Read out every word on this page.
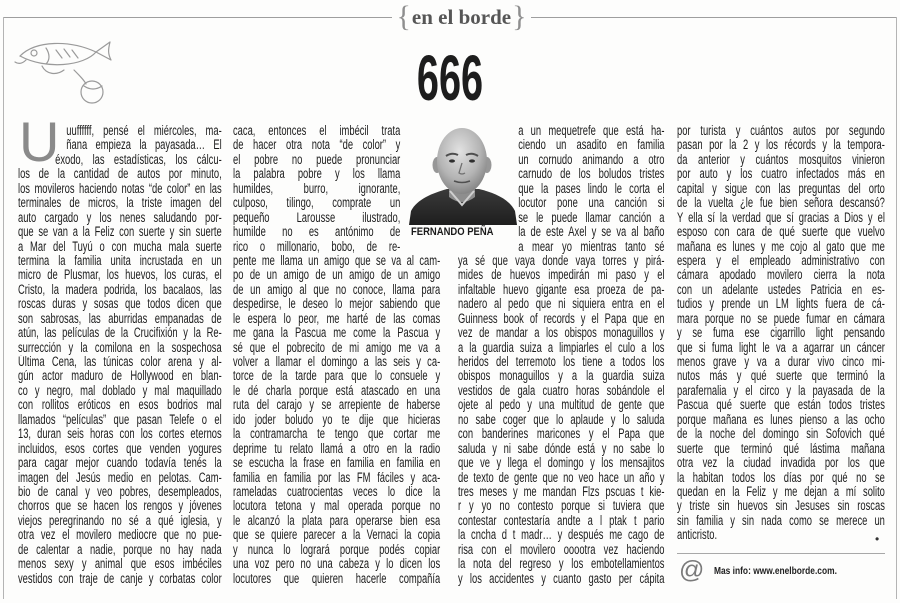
{en el borde}
666
FERNANDO PEÑA
U uuffffff, pensé el miércoles, ma-
ñana empieza la payasada… El
éxodo, las estadísticas, los cálcu-
los de la cantidad de autos por minuto,
los movileros haciendo notas “de color” en las
terminales de micros, la triste imagen del
auto cargado y los nenes saludando por-
que se van a la Feliz con suerte y sin suerte
a Mar del Tuyú o con mucha mala suerte
termina la familia unita incrustada en un
micro de Plusmar, los huevos, los curas, el
Cristo, la madera podrida, los bacalaos, las
roscas duras y sosas que todos dicen que
son sabrosas, las aburridas empanadas de
atún, las películas de la Crucifixión y la Re-
surrección y la comilona en la sospechosa
Última Cena, las túnicas color arena y al-
gún actor maduro de Hollywood en blan-
co y negro, mal doblado y mal maquillado
con rollitos eróticos en esos bodrios mal
llamados “películas” que pasan Telefe o el
13, duran seis horas con los cortes eternos
incluidos, esos cortes que venden yogures
para cagar mejor cuando todavía tenés la
imagen del Jesús medio en pelotas. Cam-
bio de canal y veo pobres, desempleados,
chorros que se hacen los rengos y jóvenes
viejos peregrinando no sé a qué iglesia, y
otra vez el movilero mediocre que no pue-
de calentar a nadie, porque no hay nada
menos sexy y animal que esos imbéciles
vestidos con traje de canje y corbatas color
caca, entonces el imbécil trata
de hacer otra nota “de color” y
el pobre no puede pronunciar
la palabra pobre y los llama
humildes, burro, ignorante,
culposo, tilingo, comprate un
pequeño Larousse ilustrado,
humilde no es antónimo de
rico o millonario, bobo, de re-
pente me llama un amigo que se va al cam-
po de un amigo de un amigo de un amigo
de un amigo al que no conoce, llama para
despedirse, le deseo lo mejor sabiendo que
le espera lo peor, me harté de las comas
me gana la Pascua me come la Pascua y
sé que el pobrecito de mi amigo me va a
volver a llamar el domingo a las seis y ca-
torce de la tarde para que lo consuele y
le dé charla porque está atascado en una
ruta del carajo y se arrepiente de haberse
ido joder boludo yo te dije que hicieras
la contramarcha te tengo que cortar me
deprime tu relato llamá a otro en la radio
se escucha la frase en familia en familia en
familia en familia por las FM fáciles y aca-
rameladas cuatrocientas veces lo dice la
locutora tetona y mal operada porque no
le alcanzó la plata para operarse bien esa
que se quiere parecer a la Vernaci la copia
y nunca lo logrará porque podés copiar
una voz pero no una cabeza y lo dicen los
locutores que quieren hacerle compañía
a un mequetrefe que está ha-
ciendo un asadito en familia
un cornudo animando a otro
carnudo de los boludos tristes
que la pases lindo le corta el
locutor pone una canción si
se le puede llamar canción a
la de este Axel y se va al baño
a mear yo mientras tanto sé
ya sé que vaya donde vaya torres y pirá-
mides de huevos impedirán mi paso y el
infaltable huevo gigante esa proeza de pa-
nadero al pedo que ni siquiera entra en el
Guinness book of records y el Papa que en
vez de mandar a los obispos monaguillos y
a la guardia suiza a limpiarles el culo a los
heridos del terremoto los tiene a todos los
obispos monaguillos y a la guardia suiza
vestidos de gala cuatro horas sobándole el
ojete al pedo y una multitud de gente que
no sabe coger que lo aplaude y lo saluda
con banderines maricones y el Papa que
saluda y ni sabe dónde está y no sabe lo
que ve y llega el domingo y los mensajitos
de texto de gente que no veo hace un año y
tres meses y me mandan Flzs pscuas t kie-
r y yo no contesto porque si tuviera que
contestar contestaría andte a l ptak t pario
la cncha d t madr… y después me cago de
risa con el movilero ooootra vez haciendo
la nota del regreso y los embotellamientos
y los accidentes y cuanto gasto per cápita
por turista y cuántos autos por segundo
pasan por la 2 y los récords y la tempora-
da anterior y cuántos mosquitos vinieron
por auto y los cuatro infectados más en
capital y sigue con las preguntas del orto
de la vuelta ¿le fue bien señora descansó?
Y ella sí la verdad que sí gracias a Dios y el
esposo con cara de qué suerte que vuelvo
mañana es lunes y me cojo al gato que me
espera y el empleado administrativo con
cámara apodado movilero cierra la nota
con un adelante ustedes Patricia en es-
tudios y prende un LM lights fuera de cá-
mara porque no se puede fumar en cámara
y se fuma ese cigarrillo light pensando
que si fuma light le va a agarrar un cáncer
menos grave y va a durar vivo cinco mi-
nutos más y qué suerte que terminó la
parafernalia y el circo y la payasada de la
Pascua qué suerte que están todos tristes
porque mañana es lunes pienso a las ocho
de la noche del domingo sin Sofovich qué
suerte que terminó qué lástima mañana
otra vez la ciudad invadida por los que
la habitan todos los días por qué no se
quedan en la Feliz y me dejan a mí solito
y triste sin huevos sin Jesuses sin roscas
sin familia y sin nada como se merece un
anticristo.	•
@ Mas info: www.enelborde.com.
